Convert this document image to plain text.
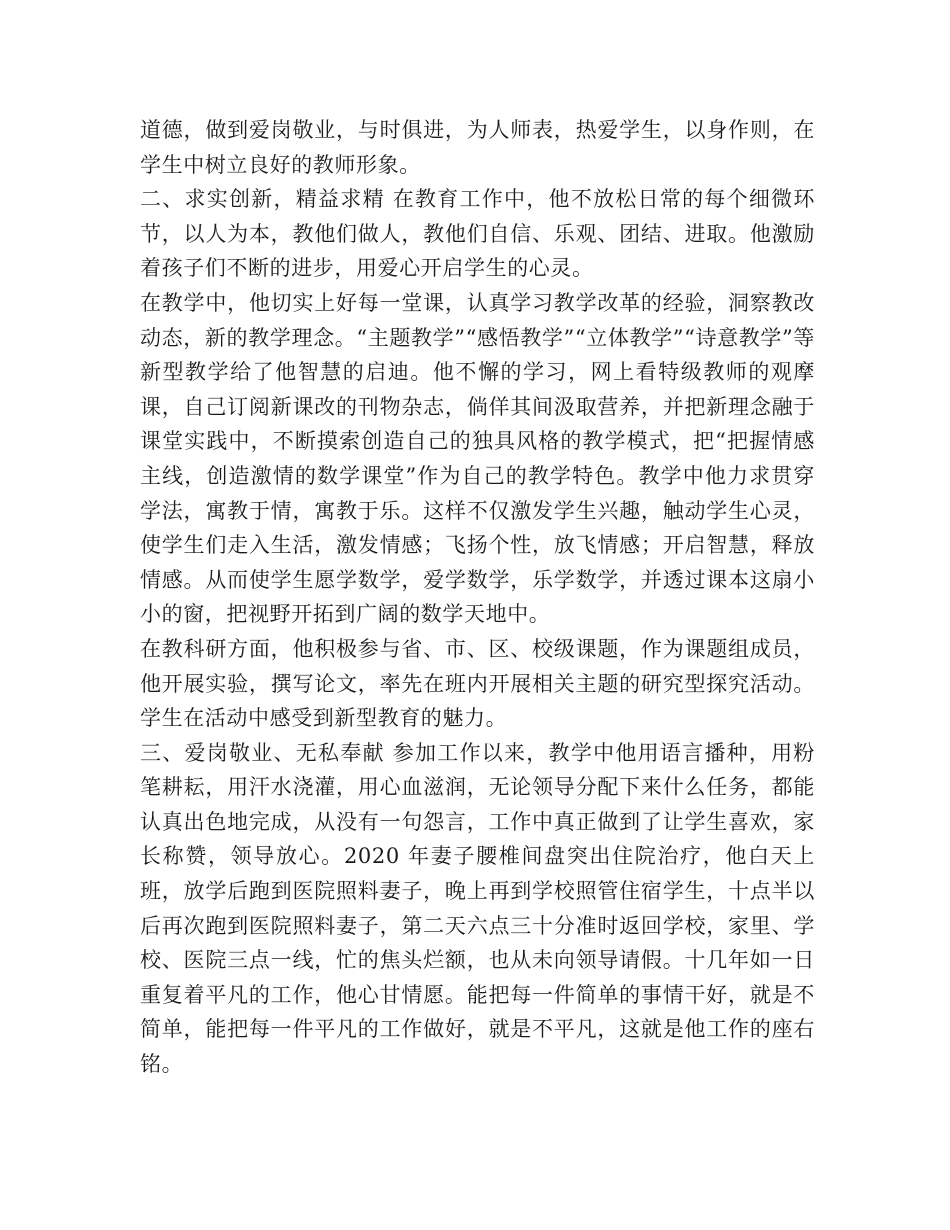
道德，做到爱岗敬业，与时俱进，为人师表，热爱学生，以身作则，在学生中树立良好的教师形象。

二、求实创新，精益求精 在教育工作中，他不放松日常的每个细微环节，以人为本，教他们做人，教他们自信、乐观、团结、进取。他激励着孩子们不断的进步，用爱心开启学生的心灵。

在教学中，他切实上好每一堂课，认真学习教学改革的经验，洞察教改动态，新的教学理念。“主题教学”“感悟教学”“立体教学”“诗意教学”等新型教学给了他智慧的启迪。他不懈的学习，网上看特级教师的观摩课，自己订阅新课改的刊物杂志，倘佯其间汲取营养，并把新理念融于课堂实践中，不断摸索创造自己的独具风格的教学模式，把“把握情感主线，创造激情的数学课堂”作为自己的教学特色。教学中他力求贯穿学法，寓教于情，寓教于乐。这样不仅激发学生兴趣，触动学生心灵，使学生们走入生活，激发情感；飞扬个性，放飞情感；开启智慧，释放情感。从而使学生愿学数学，爱学数学，乐学数学，并透过课本这扇小小的窗，把视野开拓到广阔的数学天地中。

在教科研方面，他积极参与省、市、区、校级课题，作为课题组成员，他开展实验，撰写论文，率先在班内开展相关主题的研究型探究活动。学生在活动中感受到新型教育的魅力。

三、爱岗敬业、无私奉献 参加工作以来，教学中他用语言播种，用粉笔耕耘，用汗水浇灌，用心血滋润，无论领导分配下来什么任务，都能认真出色地完成，从没有一句怨言，工作中真正做到了让学生喜欢，家长称赞，领导放心。2020 年妻子腰椎间盘突出住院治疗，他白天上班，放学后跑到医院照料妻子，晚上再到学校照管住宿学生，十点半以后再次跑到医院照料妻子，第二天六点三十分准时返回学校，家里、学校、医院三点一线，忙的焦头烂额，也从未向领导请假。十几年如一日重复着平凡的工作，他心甘情愿。能把每一件简单的事情干好，就是不简单，能把每一件平凡的工作做好，就是不平凡，这就是他工作的座右铭。
